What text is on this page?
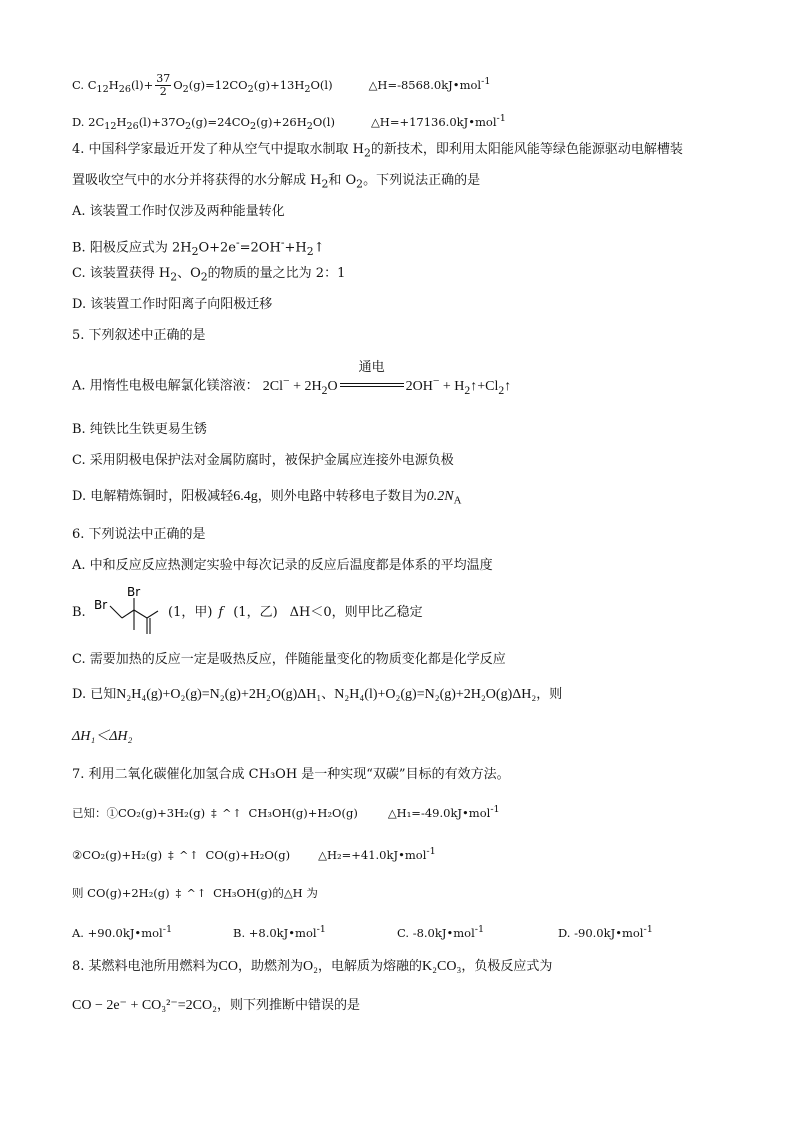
C. $C_{12}H_{26}(l)+ \frac{37}{2} O_2(g)=12CO_2(g)+13H_2O(l)$	△H=-8568.0kJ•mol$^{-1}$
D. $2C_{12}H_{26}(l)+37O_2(g)=24CO_2(g)+26H_2O(l)$	△H=+17136.0kJ•mol$^{-1}$
4. 中国科学家最近开发了种从空气中提取水制取 $H_2$的新技术，即利用太阳能风能等绿色能源驱动电解槽装
置吸收空气中的水分并将获得的水分解成 $H_2$和 $O_2$。下列说法正确的是
A. 该装置工作时仅涉及两种能量转化
B. 阳极反应式为 $2H_2O+2e^-=2OH^-+H_2↑$
C. 该装置获得 $H_2$、$O_2$的物质的量之比为 2：1
D. 该装置工作时阳离子向阳极迁移
5. 下列叙述中正确的是
A. 用惰性电极电解氯化镁溶液： $2Cl^- + 2H_2O$
通电
$2OH^- + H_2↑+Cl_2↑$
B. 纯铁比生铁更易生锈
C. 采用阴极电保护法对金属防腐时，被保护金属应连接外电源负极
D. 电解精炼铜时，阳极减轻6.4g，则外电路中转移电子数目为$0.2N_A$
6. 下列说法中正确的是
A. 中和反应反应热测定实验中每次记录的反应后温度都是体系的平均温度
B. Br
Br
(1，甲) f (1，乙) ΔH＜0，则甲比乙稳定
C. 需要加热的反应一定是吸热反应，伴随能量变化的物质变化都是化学反应
D. 已知N₂H₄(g)+O₂(g)=N₂(g)+2H₂O(g)ΔH₁、N₂H₄(l)+O₂(g)=N₂(g)+2H₂O(g)ΔH₂，则
ΔH₁＜ΔH₂
7. 利用二氧化碳催化加氢合成 CH₃OH 是一种实现“双碳”目标的有效方法。
已知：①CO₂(g)+3H₂(g) ‡ ^↑ CH₃OH(g)+H₂O(g)	△H₁=-49.0kJ•mol$^{-1}$
②CO₂(g)+H₂(g) ‡ ^↑ CO(g)+H₂O(g) △H₂=+41.0kJ•mol$^{-1}$
则 CO(g)+2H₂(g) ‡ ^↑ CH₃OH(g)的△H 为
A. +90.0kJ•mol$^{-1}$	B. +8.0kJ•mol$^{-1}$	C. -8.0kJ•mol$^{-1}$	D. -90.0kJ•mol$^{-1}$
8. 某燃料电池所用燃料为CO，助燃剂为O₂，电解质为熔融的K₂CO₃，负极反应式为
CO − 2e⁻ + CO₃²⁻=2CO₂，则下列推断中错误的是
